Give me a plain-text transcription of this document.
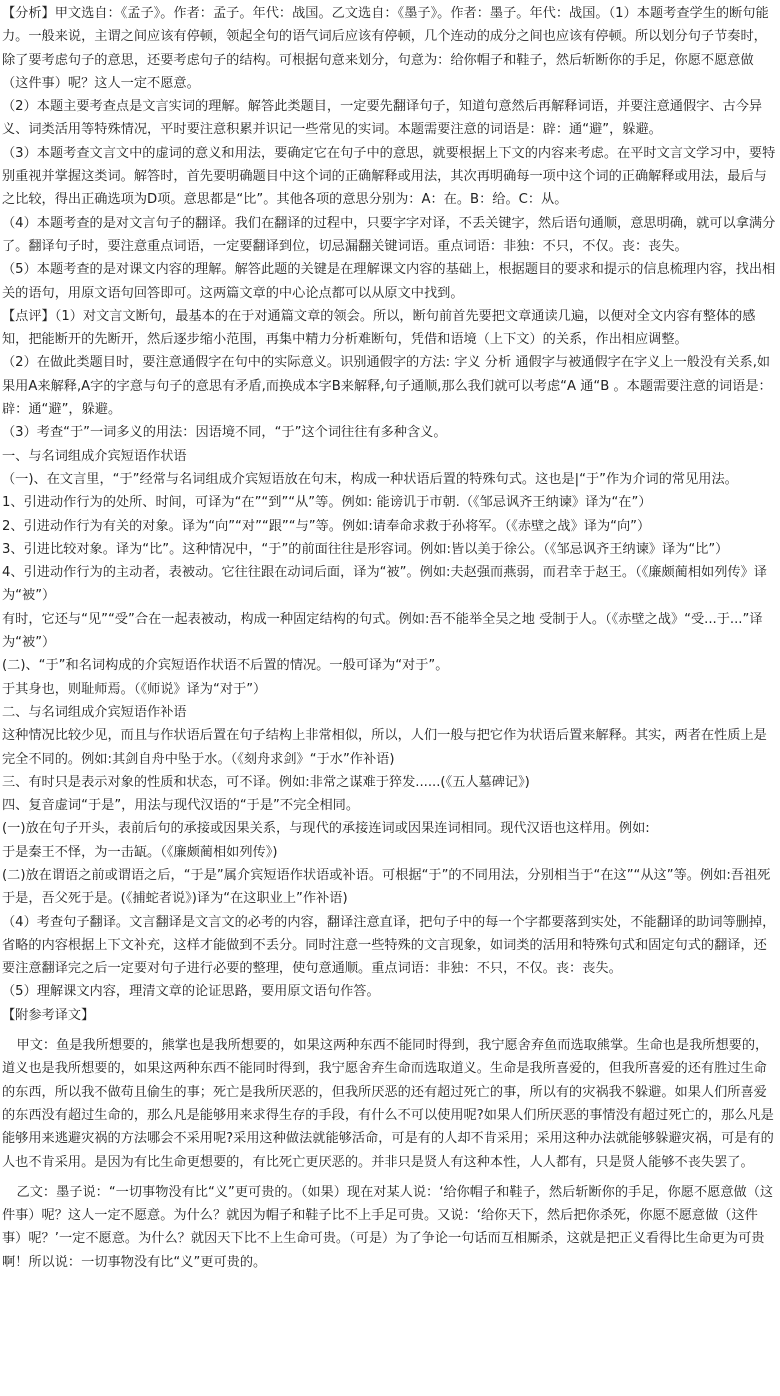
【分析】甲文选自：《孟子》。作者：孟子。年代：战国。乙文选自：《墨子》。作者：墨子。年代：战国。（1）本题考查学生的断句能力。一般来说，主谓之间应该有停顿，领起全句的语气词后应该有停顿，几个连动的成分之间也应该有停顿。所以划分句子节奏时，除了要考虑句子的意思，还要考虑句子的结构。可根据句意来划分，句意为：给你帽子和鞋子，然后斩断你的手足，你愿不愿意做（这件事）呢？这人一定不愿意。

（2）本题主要考查点是文言实词的理解。解答此类题目，一定要先翻译句子，知道句意然后再解释词语，并要注意通假字、古今异义、词类活用等特殊情况，平时要注意积累并识记一些常见的实词。本题需要注意的词语是：辟：通“避”，躲避。

（3）本题考查文言文中的虚词的意义和用法，要确定它在句子中的意思，就要根据上下文的内容来考虑。在平时文言文学习中，要特别重视并掌握这类词。解答时，首先要明确题目中这个词的正确解释或用法，其次再明确每一项中这个词的正确解释或用法，最后与之比较，得出正确选项为D项。意思都是“比”。其他各项的意思分别为：A：在。B：给。C：从。

（4）本题考查的是对文言句子的翻译。我们在翻译的过程中，只要字字对译，不丢关键字，然后语句通顺，意思明确，就可以拿满分了。翻译句子时，要注意重点词语，一定要翻译到位，切忌漏翻关键词语。重点词语：非独：不只，不仅。丧：丧失。

（5）本题考查的是对课文内容的理解。解答此题的关键是在理解课文内容的基础上，根据题目的要求和提示的信息梳理内容，找出相关的语句，用原文语句回答即可。这两篇文章的中心论点都可以从原文中找到。

【点评】（1）对文言文断句，最基本的在于对通篇文章的领会。所以，断句前首先要把文章通读几遍，以便对全文内容有整体的感知，把能断开的先断开，然后逐步缩小范围，再集中精力分析难断句，凭借和语境（上下文）的关系，作出相应调整。

（2）在做此类题目时，要注意通假字在句中的实际意义。识别通假字的方法: 字义 分析 通假字与被通假字在字义上一般没有关系,如果用A来解释,A字的字意与句子的意思有矛盾,而换成本字B来解释,句子通顺,那么我们就可以考虑“A 通“B 。本题需要注意的词语是：辟：通“避”，躲避。

（3）考查“于”一词多义的用法：因语境不同，“于”这个词往往有多种含义。

一、与名词组成介宾短语作状语

（一)、在文言里，“于”经常与名词组成介宾短语放在句末，构成一种状语后置的特殊句式。这也是|“于”作为介词的常见用法。

1、引进动作行为的处所、时间，可译为“在”“到”“从”等。例如: 能谤讥于市朝.（《邹忌讽齐王纳谏》译为“在”）

2、引进动作行为有关的对象。译为“向”“对”“跟”“与”等。例如:请奉命求救于孙将军。（《赤壁之战》译为“向”）

3、引进比较对象。译为“比”。这种情况中，“于”的前面往往是形容词。例如:皆以美于徐公。（《邹忌讽齐王纳谏》译为“比”）

4、引进动作行为的主动者，表被动。它往往跟在动词后面，译为“被”。例如:夫赵强而燕弱，而君幸于赵王。（《廉颇蔺相如列传》译为“被”）

有时，它还与“见”“受”合在一起表被动，构成一种固定结构的句式。例如:吾不能举全吴之地 受制于人。（《赤壁之战》“受...于...”译为“被”）

(二)、“于”和名词构成的介宾短语作状语不后置的情况。一般可译为“对于”。

于其身也，则耻师焉。（《师说》译为“对于”）

二、与名词组成介宾短语作补语

这种情况比较少见，而且与作状语后置在句子结构上非常相似，所以，人们一般与把它作为状语后置来解释。其实，两者在性质上是完全不同的。例如:其剑自舟中坠于水。（《刻舟求剑》“于水”作补语)

三、有时只是表示对象的性质和状态，可不译。例如:非常之谋难于猝发......(《五人墓碑记》)

四、复音虚词“于是”，用法与现代汉语的“于是”不完全相同。

(一)放在句子开头，表前后句的承接或因果关系，与现代的承接连词或因果连词相同。现代汉语也这样用。例如:

于是秦王不怿，为一击缻。（《廉颇蔺相如列传》)

(二)放在谓语之前或谓语之后，“于是”属介宾短语作状语或补语。可根据“于”的不同用法，分别相当于“在这”“从这”等。例如:吾祖死于是，吾父死于是。(《捕蛇者说》)译为“在这职业上”作补语)

（4）考查句子翻译。文言翻译是文言文的必考的内容，翻译注意直译，把句子中的每一个字都要落到实处，不能翻译的助词等删掉，省略的内容根据上下文补充，这样才能做到不丢分。同时注意一些特殊的文言现象，如词类的活用和特殊句式和固定句式的翻译，还要注意翻译完之后一定要对句子进行必要的整理，使句意通顺。重点词语：非独：不只，不仅。丧：丧失。

（5）理解课文内容，理清文章的论证思路，要用原文语句作答。

【附参考译文】

甲文：鱼是我所想要的，熊掌也是我所想要的，如果这两种东西不能同时得到，我宁愿舍弃鱼而选取熊掌。生命也是我所想要的，道义也是我所想要的，如果这两种东西不能同时得到，我宁愿舍弃生命而选取道义。生命是我所喜爱的，但我所喜爱的还有胜过生命的东西，所以我不做苟且偷生的事；死亡是我所厌恶的，但我所厌恶的还有超过死亡的事，所以有的灾祸我不躲避。如果人们所喜爱的东西没有超过生命的，那么凡是能够用来求得生存的手段，有什么不可以使用呢?如果人们所厌恶的事情没有超过死亡的，那么凡是能够用来逃避灾祸的方法哪会不采用呢?采用这种做法就能够活命，可是有的人却不肯采用；采用这种办法就能够躲避灾祸，可是有的人也不肯采用。是因为有比生命更想要的，有比死亡更厌恶的。并非只是贤人有这种本性，人人都有，只是贤人能够不丧失罢了。

乙文：墨子说：“一切事物没有比“义”更可贵的。（如果）现在对某人说：‘给你帽子和鞋子，然后斩断你的手足，你愿不愿意做（这件事）呢？这人一定不愿意。为什么？就因为帽子和鞋子比不上手足可贵。又说：‘给你天下，然后把你杀死，你愿不愿意做（这件事）呢？’一定不愿意。为什么？就因天下比不上生命可贵。（可是）为了争论一句话而互相厮杀，这就是把正义看得比生命更为可贵啊！所以说：一切事物没有比“义”更可贵的。
